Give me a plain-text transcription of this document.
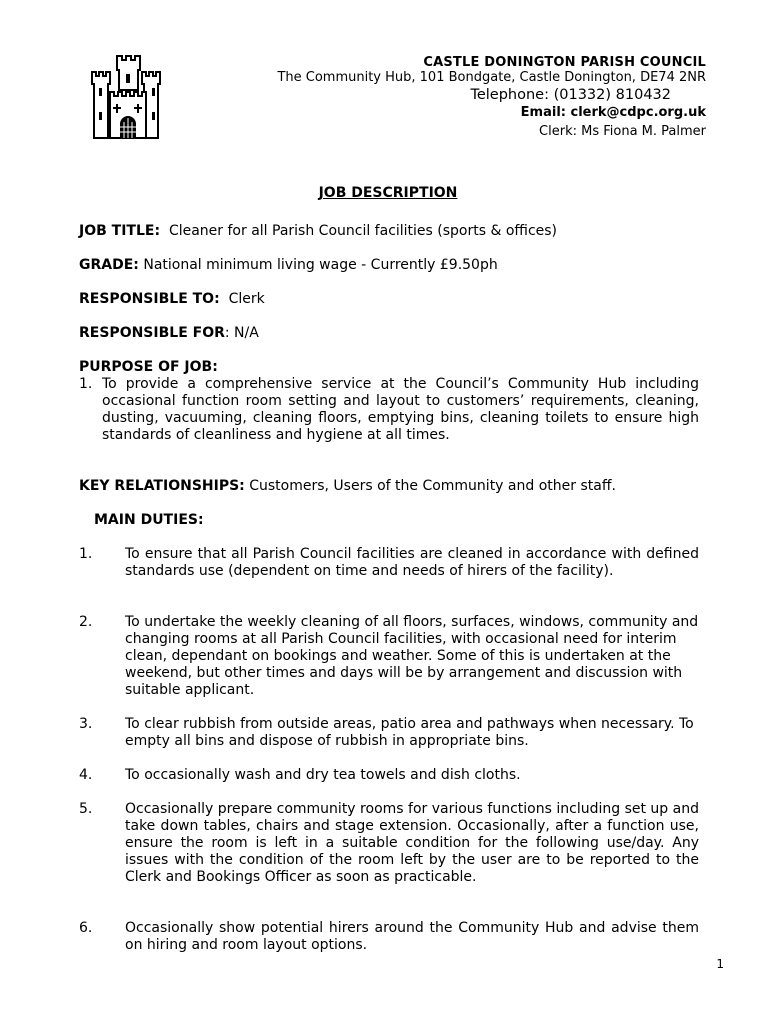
CASTLE DONINGTON PARISH COUNCIL
The Community Hub, 101 Bondgate, Castle Donington, DE74 2NR
Telephone: (01332) 810432
Email: clerk@cdpc.org.uk
Clerk: Ms Fiona M. Palmer
JOB DESCRIPTION
JOB TITLE: Cleaner for all Parish Council facilities (sports & offices)
GRADE: National minimum living wage - Currently £9.50ph
RESPONSIBLE TO: Clerk
RESPONSIBLE FOR: N/A
PURPOSE OF JOB:
1. To provide a comprehensive service at the Council’s Community Hub including occasional function room setting and layout to customers’ requirements, cleaning, dusting, vacuuming, cleaning floors, emptying bins, cleaning toilets to ensure high standards of cleanliness and hygiene at all times.
KEY RELATIONSHIPS: Customers, Users of the Community and other staff.
MAIN DUTIES:
1. To ensure that all Parish Council facilities are cleaned in accordance with defined standards use (dependent on time and needs of hirers of the facility).
2. To undertake the weekly cleaning of all floors, surfaces, windows, community and changing rooms at all Parish Council facilities, with occasional need for interim clean, dependant on bookings and weather. Some of this is undertaken at the weekend, but other times and days will be by arrangement and discussion with suitable applicant.
3. To clear rubbish from outside areas, patio area and pathways when necessary. To empty all bins and dispose of rubbish in appropriate bins.
4. To occasionally wash and dry tea towels and dish cloths.
5. Occasionally prepare community rooms for various functions including set up and take down tables, chairs and stage extension. Occasionally, after a function use, ensure the room is left in a suitable condition for the following use/day. Any issues with the condition of the room left by the user are to be reported to the Clerk and Bookings Officer as soon as practicable.
6. Occasionally show potential hirers around the Community Hub and advise them on hiring and room layout options.
1
